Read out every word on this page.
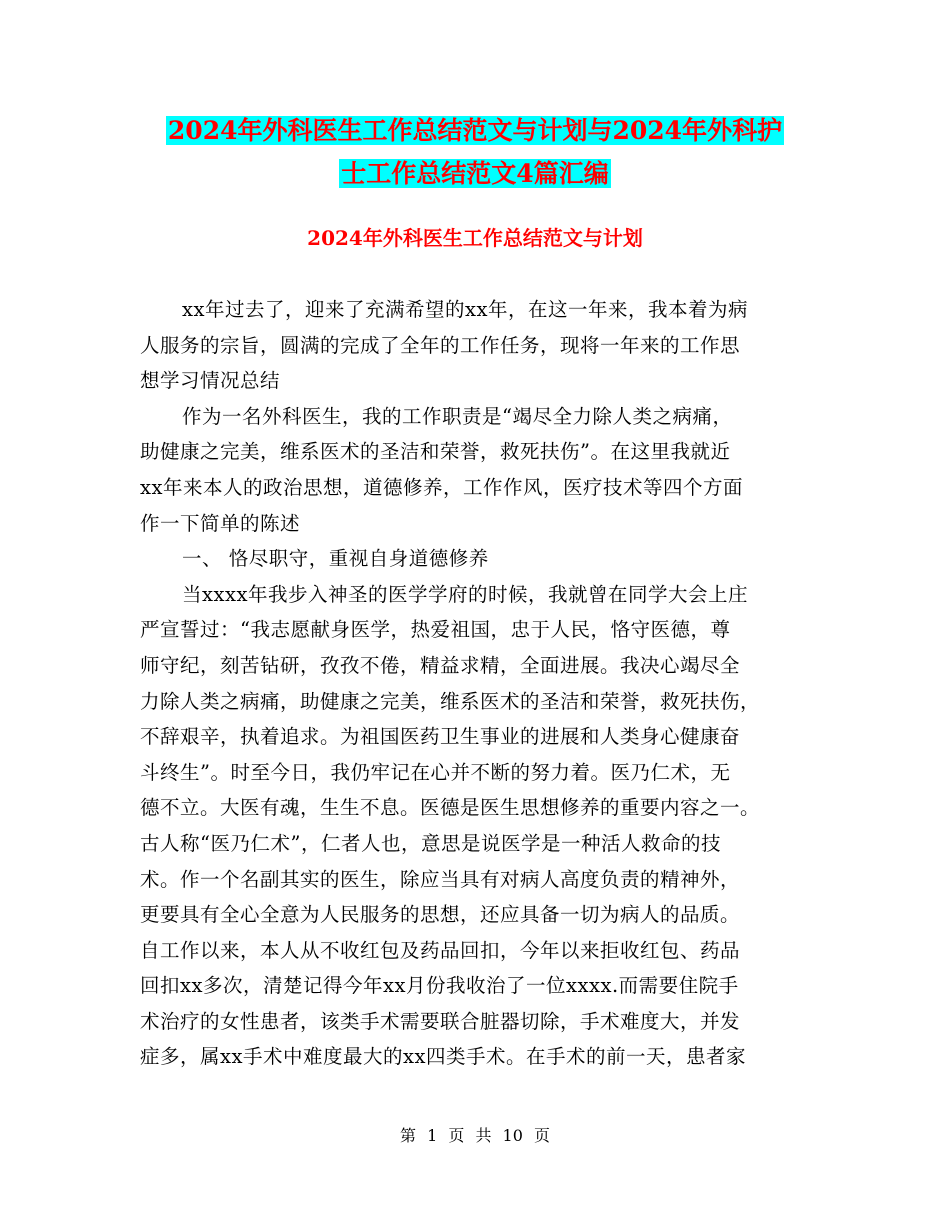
2024年外科医生工作总结范文与计划与2024年外科护
士工作总结范文4篇汇编
2024年外科医生工作总结范文与计划
xx年过去了，迎来了充满希望的xx年，在这一年来，我本着为病
人服务的宗旨，圆满的完成了全年的工作任务，现将一年来的工作思
想学习情况总结
作为一名外科医生，我的工作职责是“竭尽全力除人类之病痛，
助健康之完美，维系医术的圣洁和荣誉，救死扶伤”。在这里我就近
xx年来本人的政治思想，道德修养，工作作风，医疗技术等四个方面
作一下简单的陈述
一、 恪尽职守，重视自身道德修养
当xxxx年我步入神圣的医学学府的时候，我就曾在同学大会上庄
严宣誓过：“我志愿献身医学，热爱祖国，忠于人民，恪守医德，尊
师守纪，刻苦钻研，孜孜不倦，精益求精，全面进展。我决心竭尽全
力除人类之病痛，助健康之完美，维系医术的圣洁和荣誉，救死扶伤，
不辞艰辛，执着追求。为祖国医药卫生事业的进展和人类身心健康奋
斗终生”。时至今日，我仍牢记在心并不断的努力着。医乃仁术，无
德不立。大医有魂，生生不息。医德是医生思想修养的重要内容之一。
古人称“医乃仁术”，仁者人也，意思是说医学是一种活人救命的技
术。作一个名副其实的医生，除应当具有对病人高度负责的精神外，
更要具有全心全意为人民服务的思想，还应具备一切为病人的品质。
自工作以来，本人从不收红包及药品回扣，今年以来拒收红包、药品
回扣xx多次，清楚记得今年xx月份我收治了一位xxxx.而需要住院手
术治疗的女性患者，该类手术需要联合脏器切除，手术难度大，并发
症多，属xx手术中难度最大的xx四类手术。在手术的前一天，患者家
第 1 页 共 10 页
